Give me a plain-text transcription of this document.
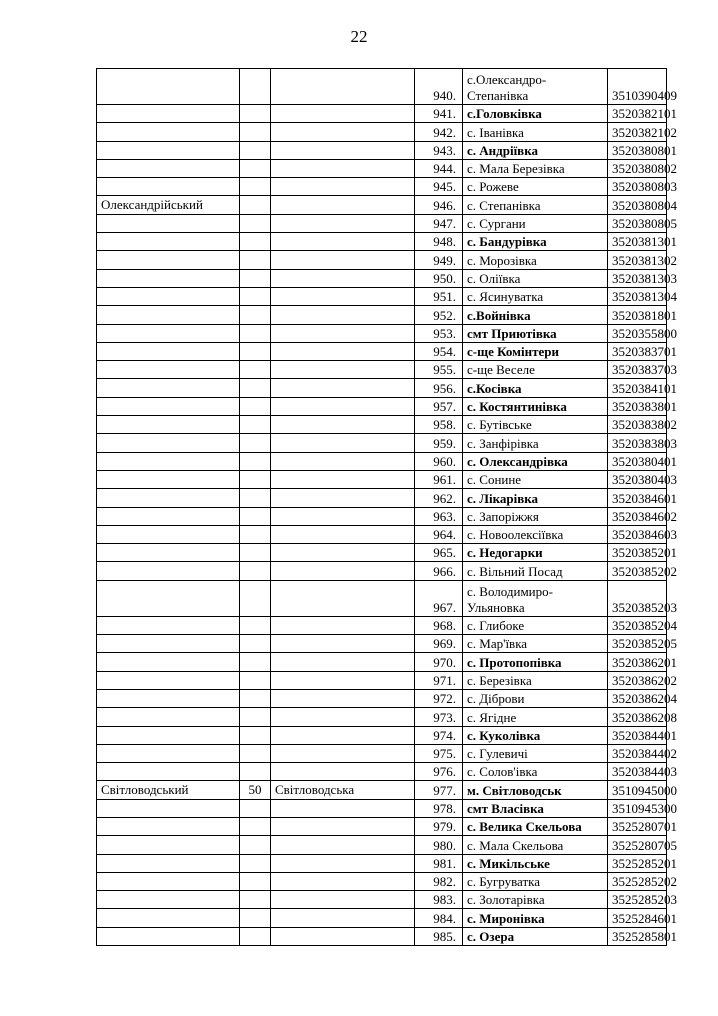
22
			940.	с.Олександро-Степанівка	3510390409
			941.	с.Головківка	3520382101
			942.	с. Іванівка	3520382102
			943.	с. Андріївка	3520380801
			944.	с. Мала Березівка	3520380802
			945.	с. Рожеве	3520380803
Олександрійський			946.	с. Степанівка	3520380804
			947.	с. Сургани	3520380805
			948.	с. Бандурівка	3520381301
			949.	с. Морозівка	3520381302
			950.	с. Оліївка	3520381303
			951.	с. Ясинуватка	3520381304
			952.	с.Войнівка	3520381801
			953.	смт Приютівка	3520355800
			954.	с-ще Комінтери	3520383701
			955.	с-ще Веселе	3520383703
			956.	с.Косівка	3520384101
			957.	с. Костянтинівка	3520383801
			958.	с. Бутівське	3520383802
			959.	с. Занфірівка	3520383803
			960.	с. Олександрівка	3520380401
			961.	с. Сонине	3520380403
			962.	с. Лікарівка	3520384601
			963.	с. Запоріжжя	3520384602
			964.	с. Новоолексіївка	3520384603
			965.	с. Недогарки	3520385201
			966.	с. Вільний Посад	3520385202
			967.	с. Володимиро-Ульяновка	3520385203
			968.	с. Глибоке	3520385204
			969.	с. Мар'ївка	3520385205
			970.	с. Протопопівка	3520386201
			971.	с. Березівка	3520386202
			972.	с. Діброви	3520386204
			973.	с. Ягідне	3520386208
			974.	с. Куколівка	3520384401
			975.	с. Гулевичі	3520384402
			976.	с. Солов'івка	3520384403
Світловодський	50	Світловодська	977.	м. Світловодськ	3510945000
			978.	смт Власівка	3510945300
			979.	с. Велика Скельова	3525280701
			980.	с. Мала Скельова	3525280705
			981.	с. Микільське	3525285201
			982.	с. Бугруватка	3525285202
			983.	с. Золотарівка	3525285203
			984.	с. Миронівка	3525284601
			985.	с. Озера	3525285801
